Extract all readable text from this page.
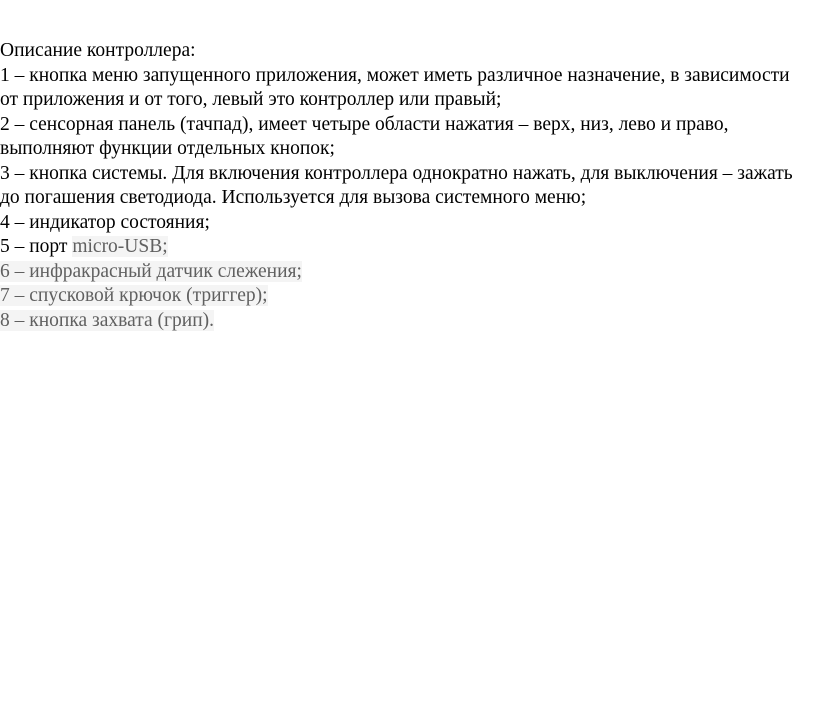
Описание контроллера:
1 – кнопка меню запущенного приложения, может иметь различное назначение, в зависимости
от приложения и от того, левый это контроллер или правый;
2 – сенсорная панель (тачпад), имеет четыре области нажатия – верх, низ, лево и право,
выполняют функции отдельных кнопок;
3 – кнопка системы. Для включения контроллера однократно нажать, для выключения – зажать
до погашения светодиода. Используется для вызова системного меню;
4 – индикатор состояния;
5 – порт micro-USB;
6 – инфракрасный датчик слежения;
7 – спусковой крючок (триггер);
8 – кнопка захвата (грип).
